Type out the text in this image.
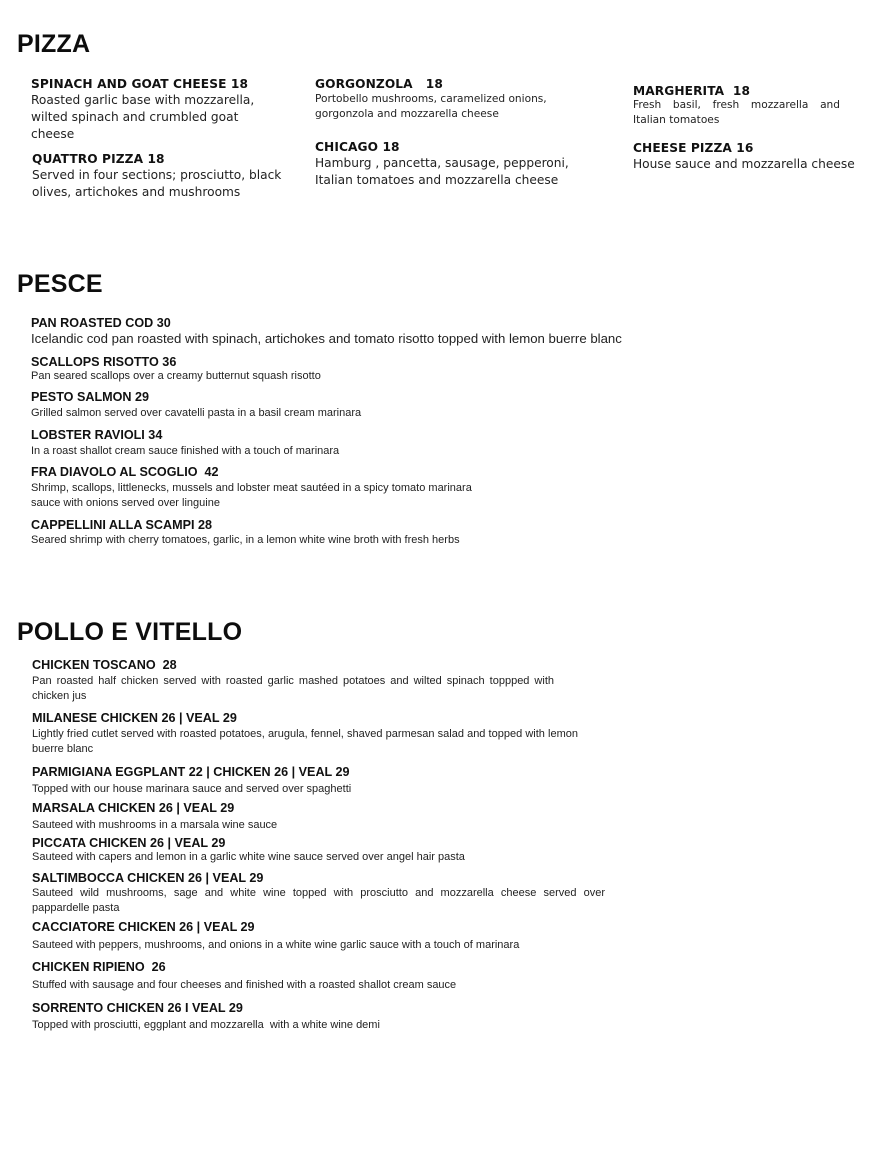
PIZZA
SPINACH AND GOAT CHEESE 18
Roasted garlic base with mozzarella, wilted spinach and crumbled goat cheese
QUATTRO PIZZA 18
Served in four sections; prosciutto, black olives, artichokes and mushrooms
GORGONZOLA   18
Portobello mushrooms, caramelized onions, gorgonzola and mozzarella cheese
CHICAGO 18
Hamburg , pancetta, sausage, pepperoni, Italian tomatoes and mozzarella cheese
MARGHERITA  18
Fresh basil, fresh mozzarella and Italian tomatoes
CHEESE PIZZA 16
House sauce and mozzarella cheese
PESCE
PAN ROASTED COD 30
Icelandic cod pan roasted with spinach, artichokes and tomato risotto topped with lemon buerre blanc
SCALLOPS RISOTTO 36
Pan seared scallops over a creamy butternut squash risotto
PESTO SALMON 29
Grilled salmon served over cavatelli pasta in a basil cream marinara
LOBSTER RAVIOLI 34
In a roast shallot cream sauce finished with a touch of marinara
FRA DIAVOLO AL SCOGLIO  42
Shrimp, scallops, littlenecks, mussels and lobster meat sautéed in a spicy tomato marinara sauce with onions served over linguine
CAPPELLINI ALLA SCAMPI 28
Seared shrimp with cherry tomatoes, garlic, in a lemon white wine broth with fresh herbs
POLLO E VITELLO
CHICKEN TOSCANO  28
Pan roasted half chicken served with roasted garlic mashed potatoes and wilted spinach toppped with chicken jus
MILANESE CHICKEN 26 | VEAL 29
Lightly fried cutlet served with roasted potatoes, arugula, fennel, shaved parmesan salad and topped with lemon buerre blanc
PARMIGIANA EGGPLANT 22 | CHICKEN 26 | VEAL 29
Topped with our house marinara sauce and served over spaghetti
MARSALA CHICKEN 26 | VEAL 29
Sauteed with mushrooms in a marsala wine sauce
PICCATA CHICKEN 26 | VEAL 29
Sauteed with capers and lemon in a garlic white wine sauce served over angel hair pasta
SALTIMBOCCA CHICKEN 26 | VEAL 29
Sauteed wild mushrooms, sage and white wine topped with prosciutto and mozzarella cheese served over pappardelle pasta
CACCIATORE CHICKEN 26 | VEAL 29
Sauteed with peppers, mushrooms, and onions in a white wine garlic sauce with a touch of marinara
CHICKEN RIPIENO  26
Stuffed with sausage and four cheeses and finished with a roasted shallot cream sauce
SORRENTO CHICKEN 26 I VEAL 29
Topped with prosciutti, eggplant and mozzarella  with a white wine demi
